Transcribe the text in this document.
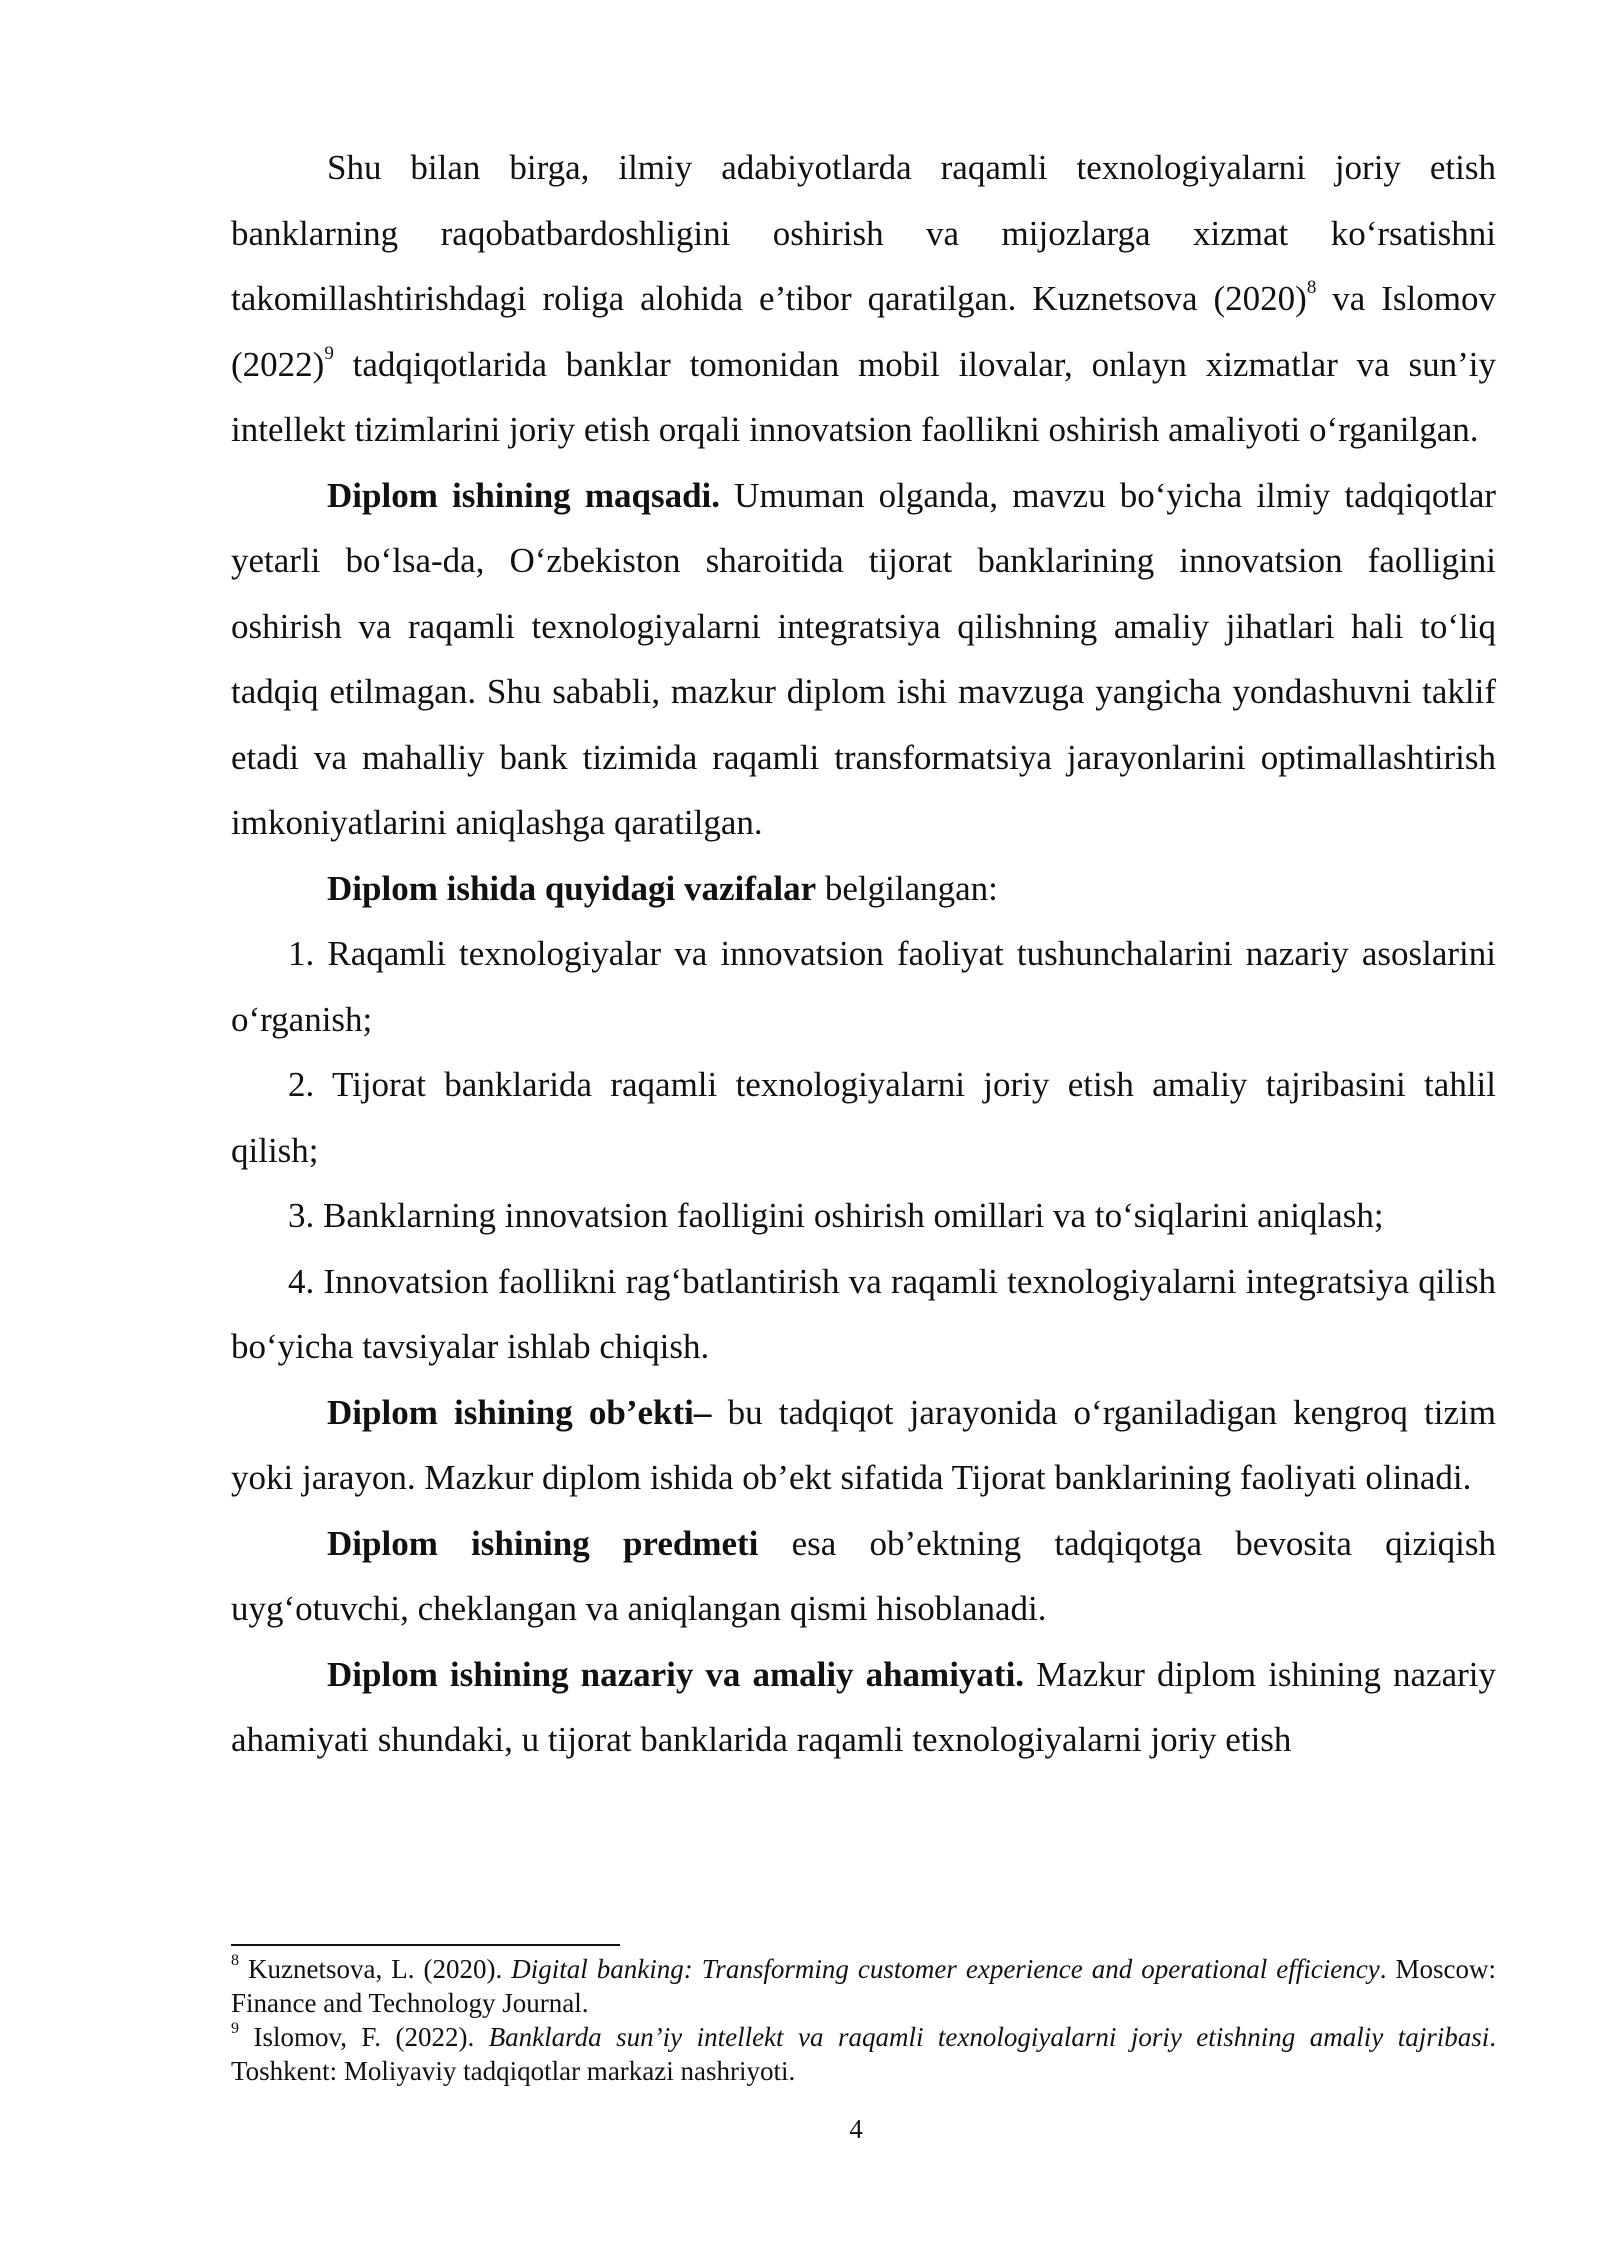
Shu bilan birga, ilmiy adabiyotlarda raqamli texnologiyalarni joriy etish banklarning raqobatbardoshligini oshirish va mijozlarga xizmat ko‘rsatishni takomillashtirishdagi roliga alohida e’tibor qaratilgan. Kuznetsova $(2020)^8$ va Islomov $(2022)^9$ tadqiqotlarida banklar tomonidan mobil ilovalar, onlayn xizmatlar va sun’iy intellekt tizimlarini joriy etish orqali innovatsion faollikni oshirish amaliyoti o‘rganilgan.

Diplom ishining maqsadi. Umuman olganda, mavzu bo‘yicha ilmiy tadqiqotlar yetarli bo‘lsa-da, O‘zbekiston sharoitida tijorat banklarining innovatsion faolligini oshirish va raqamli texnologiyalarni integratsiya qilishning amaliy jihatlari hali to‘liq tadqiq etilmagan. Shu sababli, mazkur diplom ishi mavzuga yangicha yondashuvni taklif etadi va mahalliy bank tizimida raqamli transformatsiya jarayonlarini optimallashtirish imkoniyatlarini aniqlashga qaratilgan.

Diplom ishida quyidagi vazifalar belgilangan:

1. Raqamli texnologiyalar va innovatsion faoliyat tushunchalarini nazariy asoslarini o‘rganish;

2. Tijorat banklarida raqamli texnologiyalarni joriy etish amaliy tajribasini tahlil qilish;

3. Banklarning innovatsion faolligini oshirish omillari va to‘siqlarini aniqlash;

4. Innovatsion faollikni rag‘batlantirish va raqamli texnologiyalarni integratsiya qilish bo‘yicha tavsiyalar ishlab chiqish.

Diplom ishining ob’ekti– bu tadqiqot jarayonida o‘rganiladigan kengroq tizim yoki jarayon. Mazkur diplom ishida ob’ekt sifatida Tijorat banklarining faoliyati olinadi.

Diplom ishining predmeti esa ob’ektning tadqiqotga bevosita qiziqish uyg‘otuvchi, cheklangan va aniqlangan qismi hisoblanadi.

Diplom ishining nazariy va amaliy ahamiyati. Mazkur diplom ishining nazariy ahamiyati shundaki, u tijorat banklarida raqamli texnologiyalarni joriy etish

$^8$ Kuznetsova, L. (2020). Digital banking: Transforming customer experience and operational efficiency. Moscow: Finance and Technology Journal.

$^9$ Islomov, F. (2022). Banklarda sun’iy intellekt va raqamli texnologiyalarni joriy etishning amaliy tajribasi. Toshkent: Moliyaviy tadqiqotlar markazi nashriyoti.

4
